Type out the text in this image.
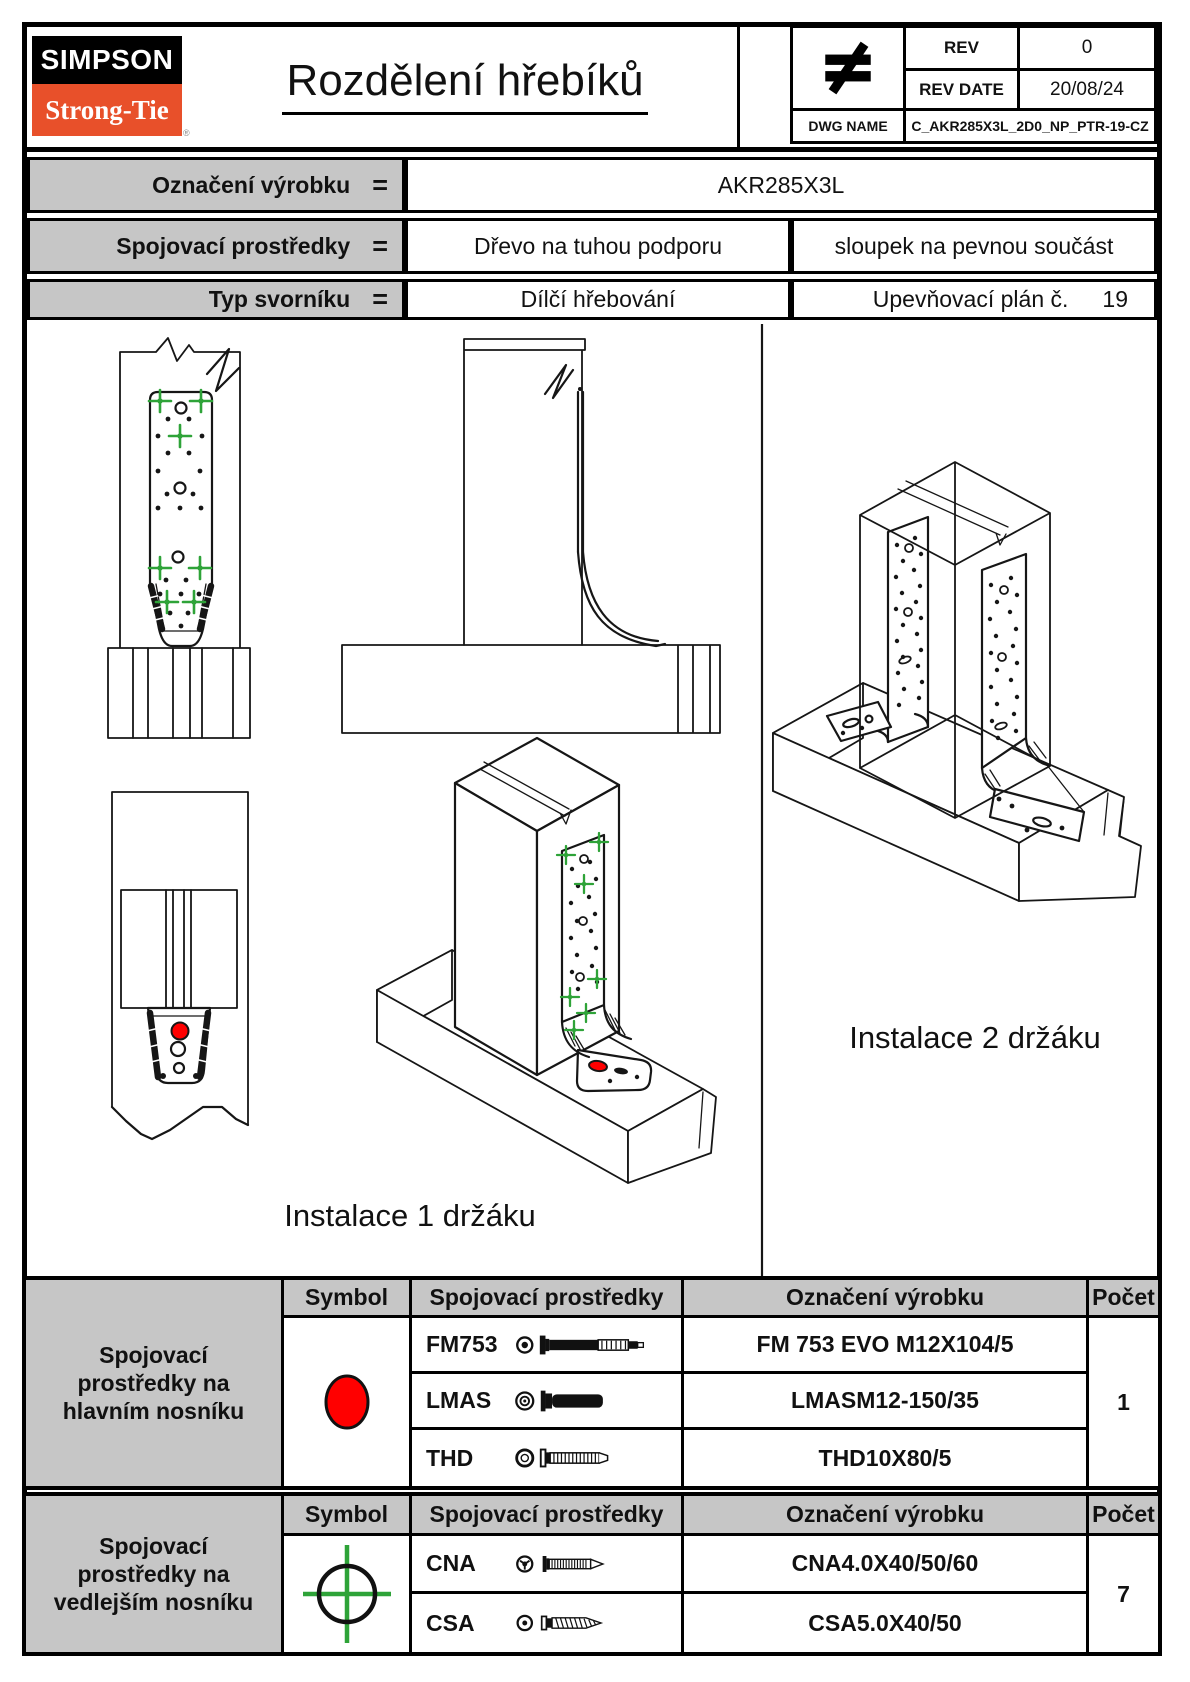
SIMPSON
Strong-Tie
®
Rozdělení hřebíků
REV	0
REV DATE	20/08/24
DWG NAME	C_AKR285X3L_2D0_NP_PTR-19-CZ
Označení výrobku =	AKR285X3L
Spojovací prostředky =	Dřevo na tuhou podporu	sloupek na pevnou součást
Typ svorníku =	Dílčí hřebování	Upevňovací plán č. 19
Instalace 1 držáku
Instalace 2 držáku
Spojovací prostředky na hlavním nosníku
Symbol	Spojovací prostředky	Označení výrobku	Počet
FM753	FM 753 EVO M12X104/5
LMAS	LMASM12-150/35
THD	THD10X80/5
1
Spojovací prostředky na vedlejším nosníku
Symbol	Spojovací prostředky	Označení výrobku	Počet
CNA	CNA4.0X40/50/60
CSA	CSA5.0X40/50
7
